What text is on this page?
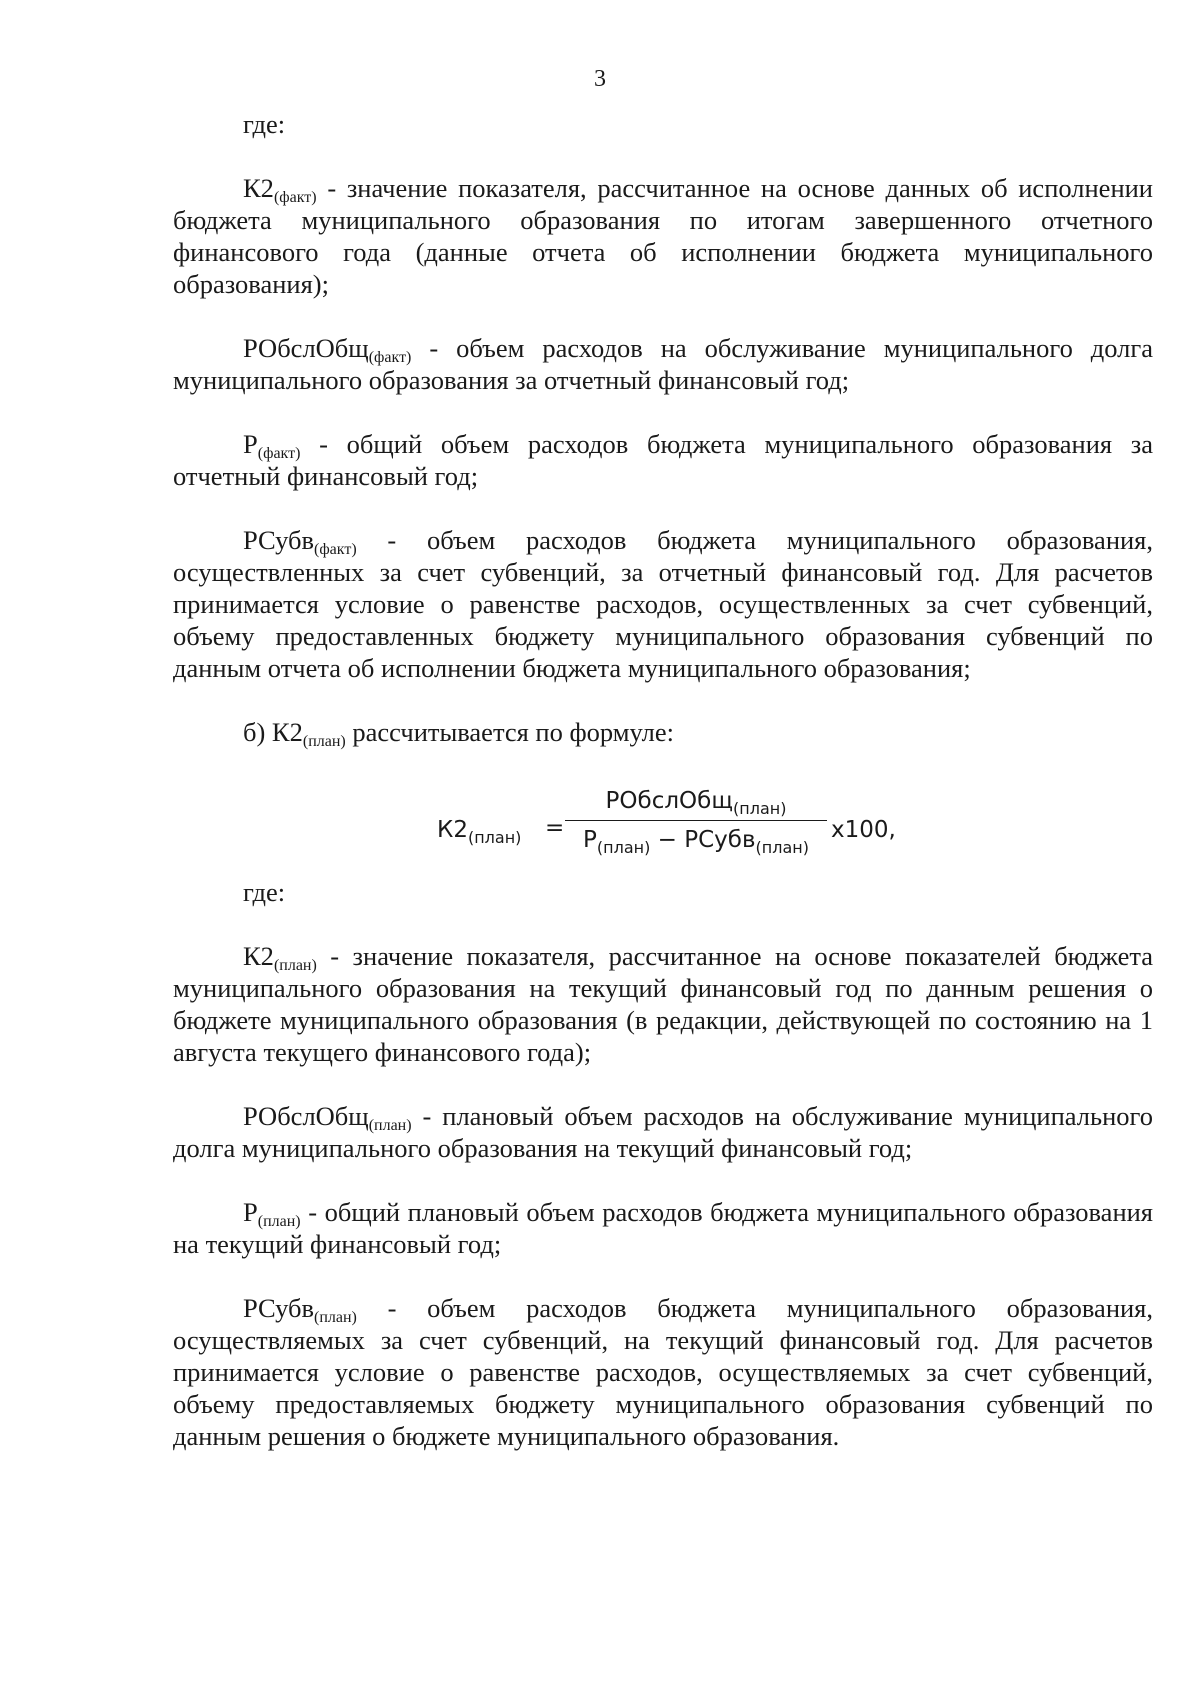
3

где:

$К2_{(факт)}$ - значение показателя, рассчитанное на основе данных об исполнении бюджета муниципального образования по итогам завершенного отчетного финансового года (данные отчета об исполнении бюджета муниципального образования);

РОбслОбщ$_{(факт)}$ - объем расходов на обслуживание муниципального долга муниципального образования за отчетный финансовый год;

$Р_{(факт)}$ - общий объем расходов бюджета муниципального образования за отчетный финансовый год;

РСубв$_{(факт)}$ - объем расходов бюджета муниципального образования, осуществленных за счет субвенций, за отчетный финансовый год. Для расчетов принимается условие о равенстве расходов, осуществленных за счет субвенций, объему предоставленных бюджету муниципального образования субвенций по данным отчета об исполнении бюджета муниципального образования;

б) $К2_{(план)}$ рассчитывается по формуле:

$К2_{(план)}$ =
РОбслОбщ$_{(план)}$
$Р_{(план)}$ − РСубв$_{(план)}$
x100,

где:

$К2_{(план)}$ - значение показателя, рассчитанное на основе показателей бюджета муниципального образования на текущий финансовый год по данным решения о бюджете муниципального образования (в редакции, действующей по состоянию на 1 августа текущего финансового года);

РОбслОбщ$_{(план)}$ - плановый объем расходов на обслуживание муниципального долга муниципального образования на текущий финансовый год;

$Р_{(план)}$ - общий плановый объем расходов бюджета муниципального образования на текущий финансовый год;

РСубв$_{(план)}$ - объем расходов бюджета муниципального образования, осуществляемых за счет субвенций, на текущий финансовый год. Для расчетов принимается условие о равенстве расходов, осуществляемых за счет субвенций, объему предоставляемых бюджету муниципального образования субвенций по данным решения о бюджете муниципального образования.
